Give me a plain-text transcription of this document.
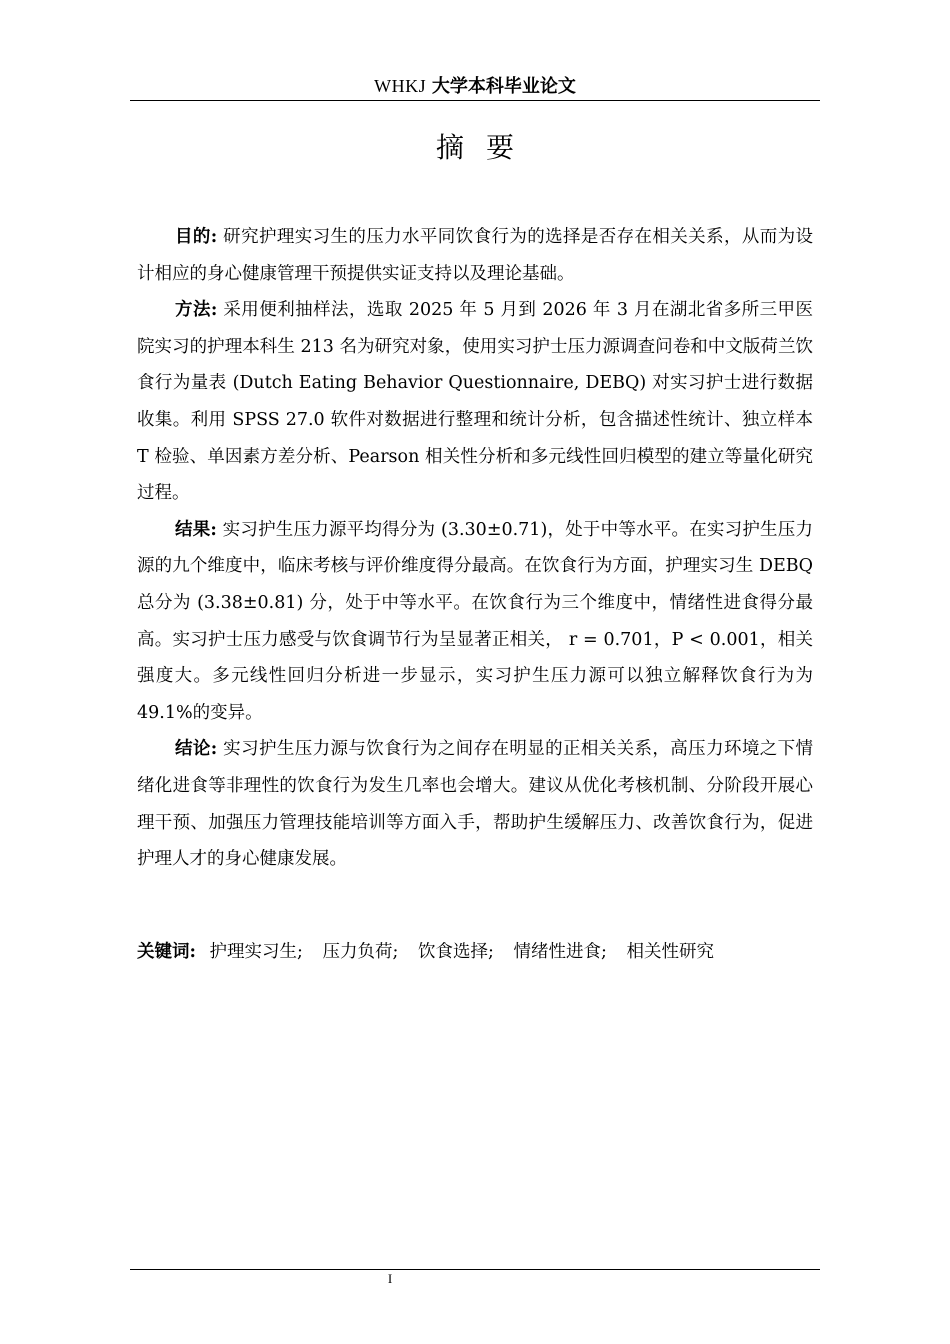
WHKJ 大学本科毕业论文
摘要

目的: 研究护理实习生的压力水平同饮食行为的选择是否存在相关关系，从而为设计相应的身心健康管理干预提供实证支持以及理论基础。

方法: 采用便利抽样法，选取 2025 年 5 月到 2026 年 3 月在湖北省多所三甲医院实习的护理本科生 213 名为研究对象，使用实习护士压力源调查问卷和中文版荷兰饮食行为量表 (Dutch Eating Behavior Questionnaire, DEBQ) 对实习护士进行数据收集。利用 SPSS 27.0 软件对数据进行整理和统计分析，包含描述性统计、独立样本 T 检验、单因素方差分析、Pearson 相关性分析和多元线性回归模型的建立等量化研究过程。

结果: 实习护生压力源平均得分为 (3.30±0.71)，处于中等水平。在实习护生压力源的九个维度中，临床考核与评价维度得分最高。在饮食行为方面，护理实习生 DEBQ 总分为 (3.38±0.81) 分，处于中等水平。在饮食行为三个维度中，情绪性进食得分最高。实习护士压力感受与饮食调节行为呈显著正相关， r = 0.701，P < 0.001，相关强度大。多元线性回归分析进一步显示，实习护生压力源可以独立解释饮食行为为 49.1%的变异。

结论: 实习护生压力源与饮食行为之间存在明显的正相关关系，高压力环境之下情绪化进食等非理性的饮食行为发生几率也会增大。建议从优化考核机制、分阶段开展心理干预、加强压力管理技能培训等方面入手，帮助护生缓解压力、改善饮食行为，促进护理人才的身心健康发展。

关键词: 护理实习生; 压力负荷; 饮食选择; 情绪性进食; 相关性研究
I
